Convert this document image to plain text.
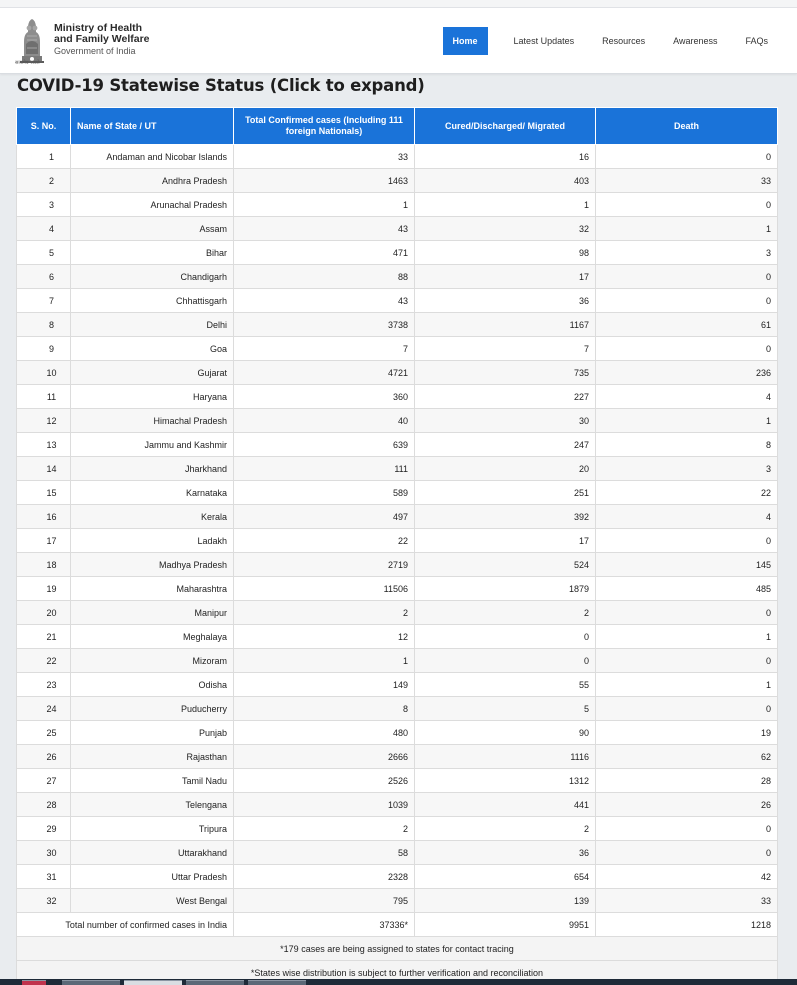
सत्यमेव जयते
Ministry of Health
and Family Welfare
Government of India
Home	Latest Updates	Resources	Awareness	FAQs
COVID-19 Statewise Status (Click to expand)
S. No.	Name of State / UT	Total Confirmed cases (Including 111 foreign Nationals)	Cured/Discharged/ Migrated	Death
1	Andaman and Nicobar Islands	33	16	0
2	Andhra Pradesh	1463	403	33
3	Arunachal Pradesh	1	1	0
4	Assam	43	32	1
5	Bihar	471	98	3
6	Chandigarh	88	17	0
7	Chhattisgarh	43	36	0
8	Delhi	3738	1167	61
9	Goa	7	7	0
10	Gujarat	4721	735	236
11	Haryana	360	227	4
12	Himachal Pradesh	40	30	1
13	Jammu and Kashmir	639	247	8
14	Jharkhand	111	20	3
15	Karnataka	589	251	22
16	Kerala	497	392	4
17	Ladakh	22	17	0
18	Madhya Pradesh	2719	524	145
19	Maharashtra	11506	1879	485
20	Manipur	2	2	0
21	Meghalaya	12	0	1
22	Mizoram	1	0	0
23	Odisha	149	55	1
24	Puducherry	8	5	0
25	Punjab	480	90	19
26	Rajasthan	2666	1116	62
27	Tamil Nadu	2526	1312	28
28	Telengana	1039	441	26
29	Tripura	2	2	0
30	Uttarakhand	58	36	0
31	Uttar Pradesh	2328	654	42
32	West Bengal	795	139	33
Total number of confirmed cases in India		37336*	9951	1218
*179 cases are being assigned to states for contact tracing				
*States wise distribution is subject to further verification and reconciliation				
